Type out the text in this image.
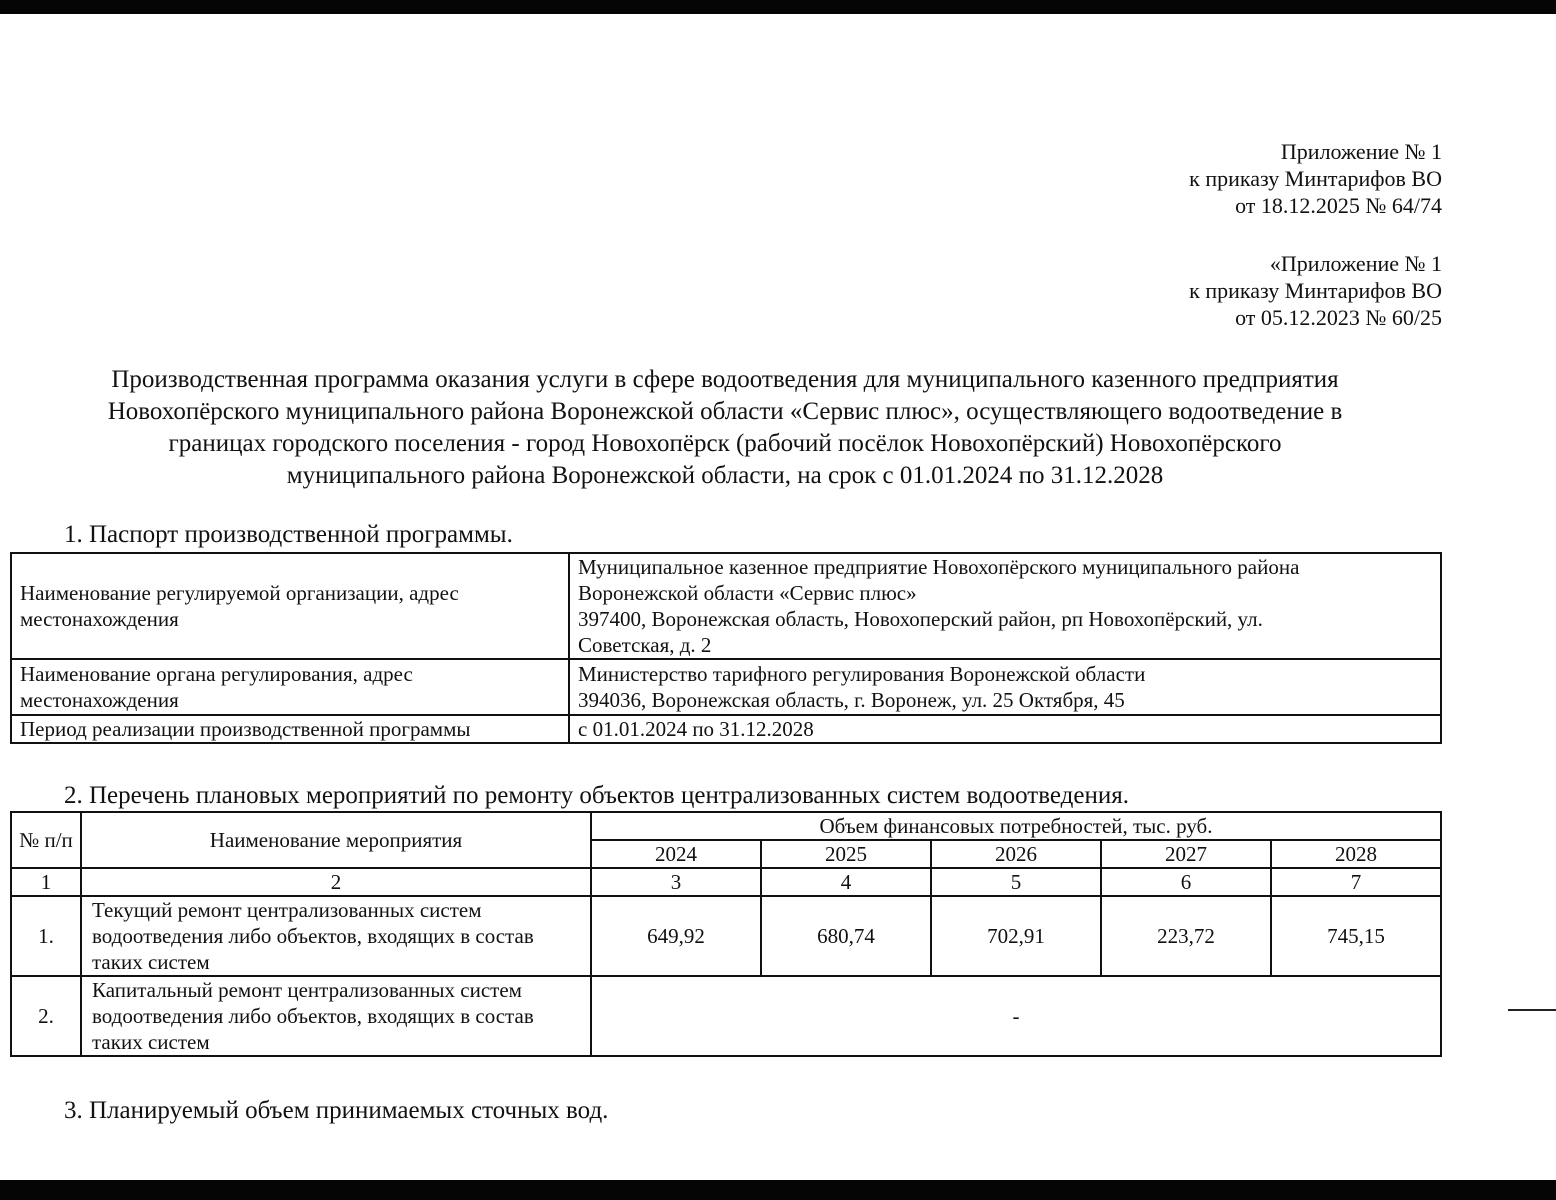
Приложение № 1
к приказу Минтарифов ВО
от 18.12.2025 № 64/74
«Приложение № 1
к приказу Минтарифов ВО
от 05.12.2023 № 60/25
Производственная программа оказания услуги в сфере водоотведения для муниципального казенного предприятия
Новохопёрского муниципального района Воронежской области «Сервис плюс», осуществляющего водоотведение в
границах городского поселения - город Новохопёрск (рабочий посёлок Новохопёрский) Новохопёрского
муниципального района Воронежской области, на срок с 01.01.2024 по 31.12.2028
1. Паспорт производственной программы.
Наименование регулируемой организации, адрес местонахождения	Муниципальное казенное предприятие Новохопёрского муниципального района
Воронежской области «Сервис плюс»
397400, Воронежская область, Новохоперский район, рп Новохопёрский, ул.
Советская, д. 2

Наименование органа регулирования, адрес местонахождения	Министерство тарифного регулирования Воронежской области
394036, Воронежская область, г. Воронеж, ул. 25 Октября, 45

Период реализации производственной программы	с 01.01.2024 по 31.12.2028
2. Перечень плановых мероприятий по ремонту объектов централизованных систем водоотведения.
№ п/п	Наименование мероприятия	Объем финансовых потребностей, тыс. руб.				
		2024	2025	2026	2027	2028
1	2	3	4	5	6	7
1.	Текущий ремонт централизованных систем водоотведения либо объектов, входящих в состав таких систем	649,92	680,74	702,91	223,72	745,15
2.	Капитальный ремонт централизованных систем водоотведения либо объектов, входящих в состав таких систем	-				
3. Планируемый объем принимаемых сточных вод.
